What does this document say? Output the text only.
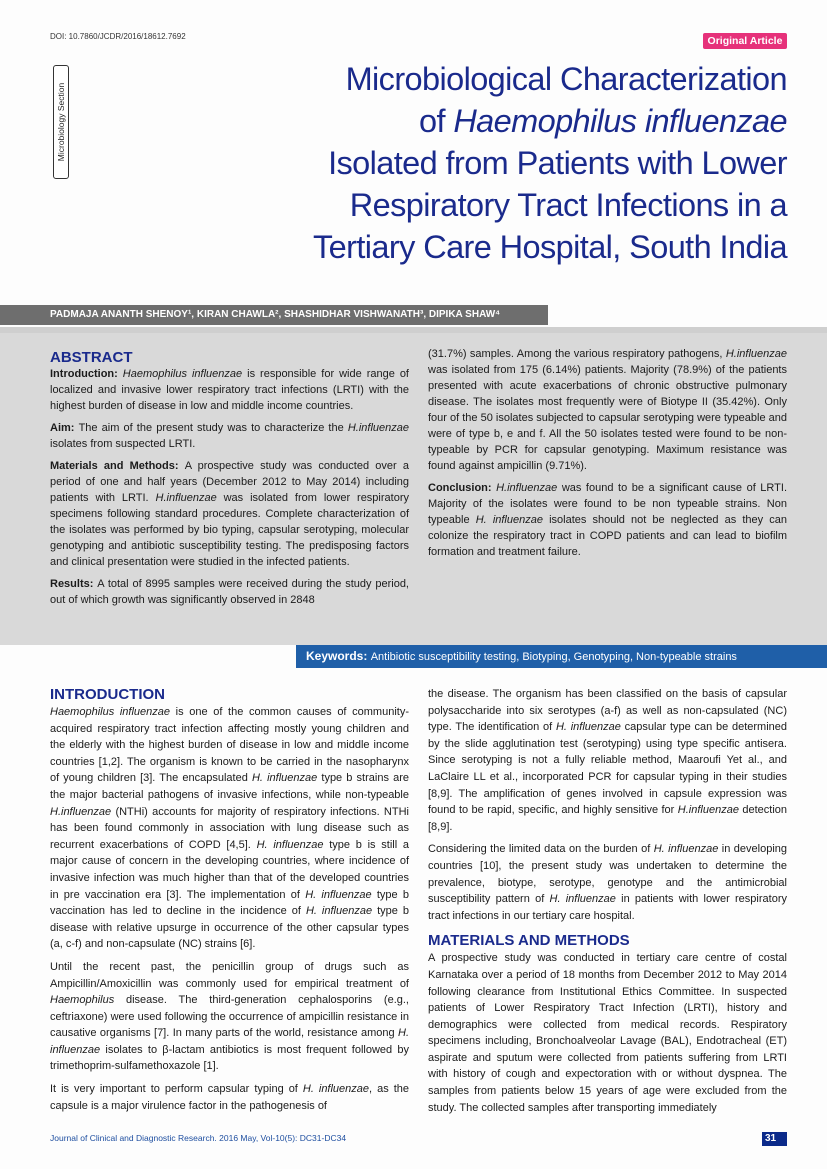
DOI: 10.7860/JCDR/2016/18612.7692	Original Article
Microbiology Section
Microbiological Characterization
of Haemophilus influenzae
Isolated from Patients with Lower
Respiratory Tract Infections in a
Tertiary Care Hospital, South India
PADMAJA ANANTH SHENOY¹, KIRAN CHAWLA², SHASHIDHAR VISHWANATH³, DIPIKA SHAW⁴
ABSTRACT

Introduction: Haemophilus influenzae is responsible for wide range of localized and invasive lower respiratory tract infections (LRTI) with the highest burden of disease in low and middle income countries.

Aim: The aim of the present study was to characterize the H.influenzae isolates from suspected LRTI.

Materials and Methods: A prospective study was conducted over a period of one and half years (December 2012 to May 2014) including patients with LRTI. H.influenzae was isolated from lower respiratory specimens following standard procedures. Complete characterization of the isolates was performed by bio typing, capsular serotyping, molecular genotyping and antibiotic susceptibility testing. The predisposing factors and clinical presentation were studied in the infected patients.

Results: A total of 8995 samples were received during the study period, out of which growth was significantly observed in 2848

(31.7%) samples. Among the various respiratory pathogens, H.influenzae was isolated from 175 (6.14%) patients. Majority (78.9%) of the patients presented with acute exacerbations of chronic obstructive pulmonary disease. The isolates most frequently were of Biotype II (35.42%). Only four of the 50 isolates subjected to capsular serotyping were typeable and were of type b, e and f. All the 50 isolates tested were found to be non-typeable by PCR for capsular genotyping. Maximum resistance was found against ampicillin (9.71%).

Conclusion: H.influenzae was found to be a significant cause of LRTI. Majority of the isolates were found to be non typeable strains. Non typeable H. influenzae isolates should not be neglected as they can colonize the respiratory tract in COPD patients and can lead to biofilm formation and treatment failure.

Keywords: Antibiotic susceptibility testing, Biotyping, Genotyping, Non-typeable strains
INTRODUCTION

Haemophilus influenzae is one of the common causes of community-acquired respiratory tract infection affecting mostly young children and the elderly with the highest burden of disease in low and middle income countries [1,2]. The organism is known to be carried in the nasopharynx of young children [3]. The encapsulated H. influenzae type b strains are the major bacterial pathogens of invasive infections, while non-typeable H.influenzae (NTHi) accounts for majority of respiratory infections. NTHi has been found commonly in association with lung disease such as recurrent exacerbations of COPD [4,5]. H. influenzae type b is still a major cause of concern in the developing countries, where incidence of invasive infection was much higher than that of the developed countries in pre vaccination era [3]. The implementation of H. influenzae type b vaccination has led to decline in the incidence of H. influenzae type b disease with relative upsurge in occurrence of the other capsular types (a, c-f) and non-capsulate (NC) strains [6].

Until the recent past, the penicillin group of drugs such as Ampicillin/Amoxicillin was commonly used for empirical treatment of Haemophilus disease. The third-generation cephalosporins (e.g., ceftriaxone) were used following the occurrence of ampicillin resistance in causative organisms [7]. In many parts of the world, resistance among H. influenzae isolates to β-lactam antibiotics is most frequent followed by trimethoprim-sulfamethoxazole [1].

It is very important to perform capsular typing of H. influenzae, as the capsule is a major virulence factor in the pathogenesis of

the disease. The organism has been classified on the basis of capsular polysaccharide into six serotypes (a-f) as well as non-capsulated (NC) type. The identification of H. influenzae capsular type can be determined by the slide agglutination test (serotyping) using type specific antisera. Since serotyping is not a fully reliable method, Maaroufi Yet al., and LaClaire LL et al., incorporated PCR for capsular typing in their studies [8,9]. The amplification of genes involved in capsule expression was found to be rapid, specific, and highly sensitive for H.influenzae detection [8,9].

Considering the limited data on the burden of H. influenzae in developing countries [10], the present study was undertaken to determine the prevalence, biotype, serotype, genotype and the antimicrobial susceptibility pattern of H. influenzae in patients with lower respiratory tract infections in our tertiary care hospital.

MATERIALS AND METHODS

A prospective study was conducted in tertiary care centre of costal Karnataka over a period of 18 months from December 2012 to May 2014 following clearance from Institutional Ethics Committee. In suspected patients of Lower Respiratory Tract Infection (LRTI), history and demographics were collected from medical records. Respiratory specimens including, Bronchoalveolar Lavage (BAL), Endotracheal (ET) aspirate and sputum were collected from patients suffering from LRTI with history of cough and expectoration with or without dyspnea. The samples from patients below 15 years of age were excluded from the study. The collected samples after transporting immediately

Journal of Clinical and Diagnostic Research. 2016 May, Vol-10(5): DC31-DC34	31
